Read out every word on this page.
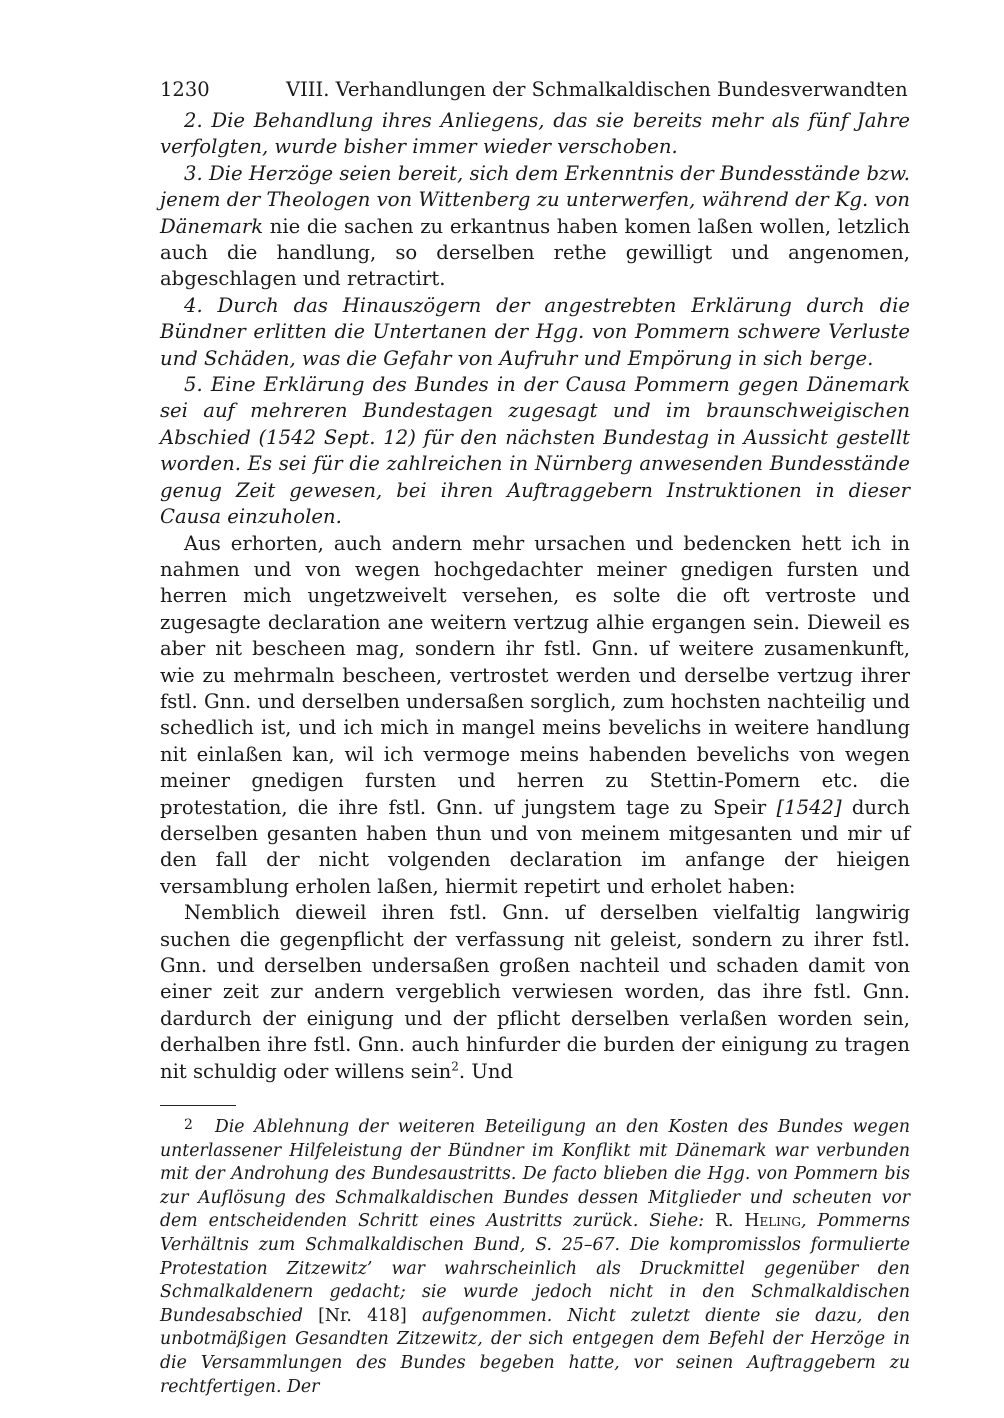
1230	VIII. Verhandlungen der Schmalkaldischen Bundesverwandten

2. Die Behandlung ihres Anliegens, das sie bereits mehr als fünf Jahre verfolgten, wurde bisher immer wieder verschoben.

3. Die Herzöge seien bereit, sich dem Erkenntnis der Bundesstände bzw. jenem der Theologen von Wittenberg zu unterwerfen, während der Kg. von Dänemark nie die sachen zu erkantnus haben komen laßen wollen, letzlich auch die handlung, so derselben rethe gewilligt und angenomen, abgeschlagen und retractirt.

4. Durch das Hinauszögern der angestrebten Erklärung durch die Bündner erlitten die Untertanen der Hgg. von Pommern schwere Verluste und Schäden, was die Gefahr von Aufruhr und Empörung in sich berge.

5. Eine Erklärung des Bundes in der Causa Pommern gegen Dänemark sei auf mehreren Bundestagen zugesagt und im braunschweigischen Abschied (1542 Sept. 12) für den nächsten Bundestag in Aussicht gestellt worden. Es sei für die zahlreichen in Nürnberg anwesenden Bundesstände genug Zeit gewesen, bei ihren Auftraggebern Instruktionen in dieser Causa einzuholen.

Aus erhorten, auch andern mehr ursachen und bedencken hett ich in nahmen und von wegen hochgedachter meiner gnedigen fursten und herren mich ungetzweivelt versehen, es solte die oft vertroste und zugesagte declaration ane weitern vertzug alhie ergangen sein. Dieweil es aber nit bescheen mag, sondern ihr fstl. Gnn. uf weitere zusamenkunft, wie zu mehrmaln bescheen, vertrostet werden und derselbe vertzug ihrer fstl. Gnn. und derselben undersaßen sorglich, zum hochsten nachteilig und schedlich ist, und ich mich in mangel meins bevelichs in weitere handlung nit einlaßen kan, wil ich vermoge meins habenden bevelichs von wegen meiner gnedigen fursten und herren zu Stettin-Pomern etc. die protestation, die ihre fstl. Gnn. uf jungstem tage zu Speir [1542] durch derselben gesanten haben thun und von meinem mitgesanten und mir uf den fall der nicht volgenden declaration im anfange der hieigen versamblung erholen laßen, hiermit repetirt und erholet haben:

Nemblich dieweil ihren fstl. Gnn. uf derselben vielfaltig langwirig suchen die gegenpflicht der verfassung nit geleist, sondern zu ihrer fstl. Gnn. und derselben undersaßen großen nachteil und schaden damit von einer zeit zur andern vergeblich verwiesen worden, das ihre fstl. Gnn. dardurch der einigung und der pflicht derselben verlaßen worden sein, derhalben ihre fstl. Gnn. auch hinfurder die burden der einigung zu tragen nit schuldig oder willens sein$^2$. Und

2 Die Ablehnung der weiteren Beteiligung an den Kosten des Bundes wegen unterlassener Hilfeleistung der Bündner im Konflikt mit Dänemark war verbunden mit der Androhung des Bundesaustritts. De facto blieben die Hgg. von Pommern bis zur Auflösung des Schmalkaldischen Bundes dessen Mitglieder und scheuten vor dem entscheidenden Schritt eines Austritts zurück. Siehe: R. Heling, Pommerns Verhältnis zum Schmalkaldischen Bund, S. 25–67. Die kompromisslos formulierte Protestation Zitzewitz’ war wahrscheinlich als Druckmittel gegenüber den Schmalkaldenern gedacht; sie wurde jedoch nicht in den Schmalkaldischen Bundesabschied [Nr. 418] aufgenommen. Nicht zuletzt diente sie dazu, den unbotmäßigen Gesandten Zitzewitz, der sich entgegen dem Befehl der Herzöge in die Versammlungen des Bundes begeben hatte, vor seinen Auftraggebern zu rechtfertigen. Der
